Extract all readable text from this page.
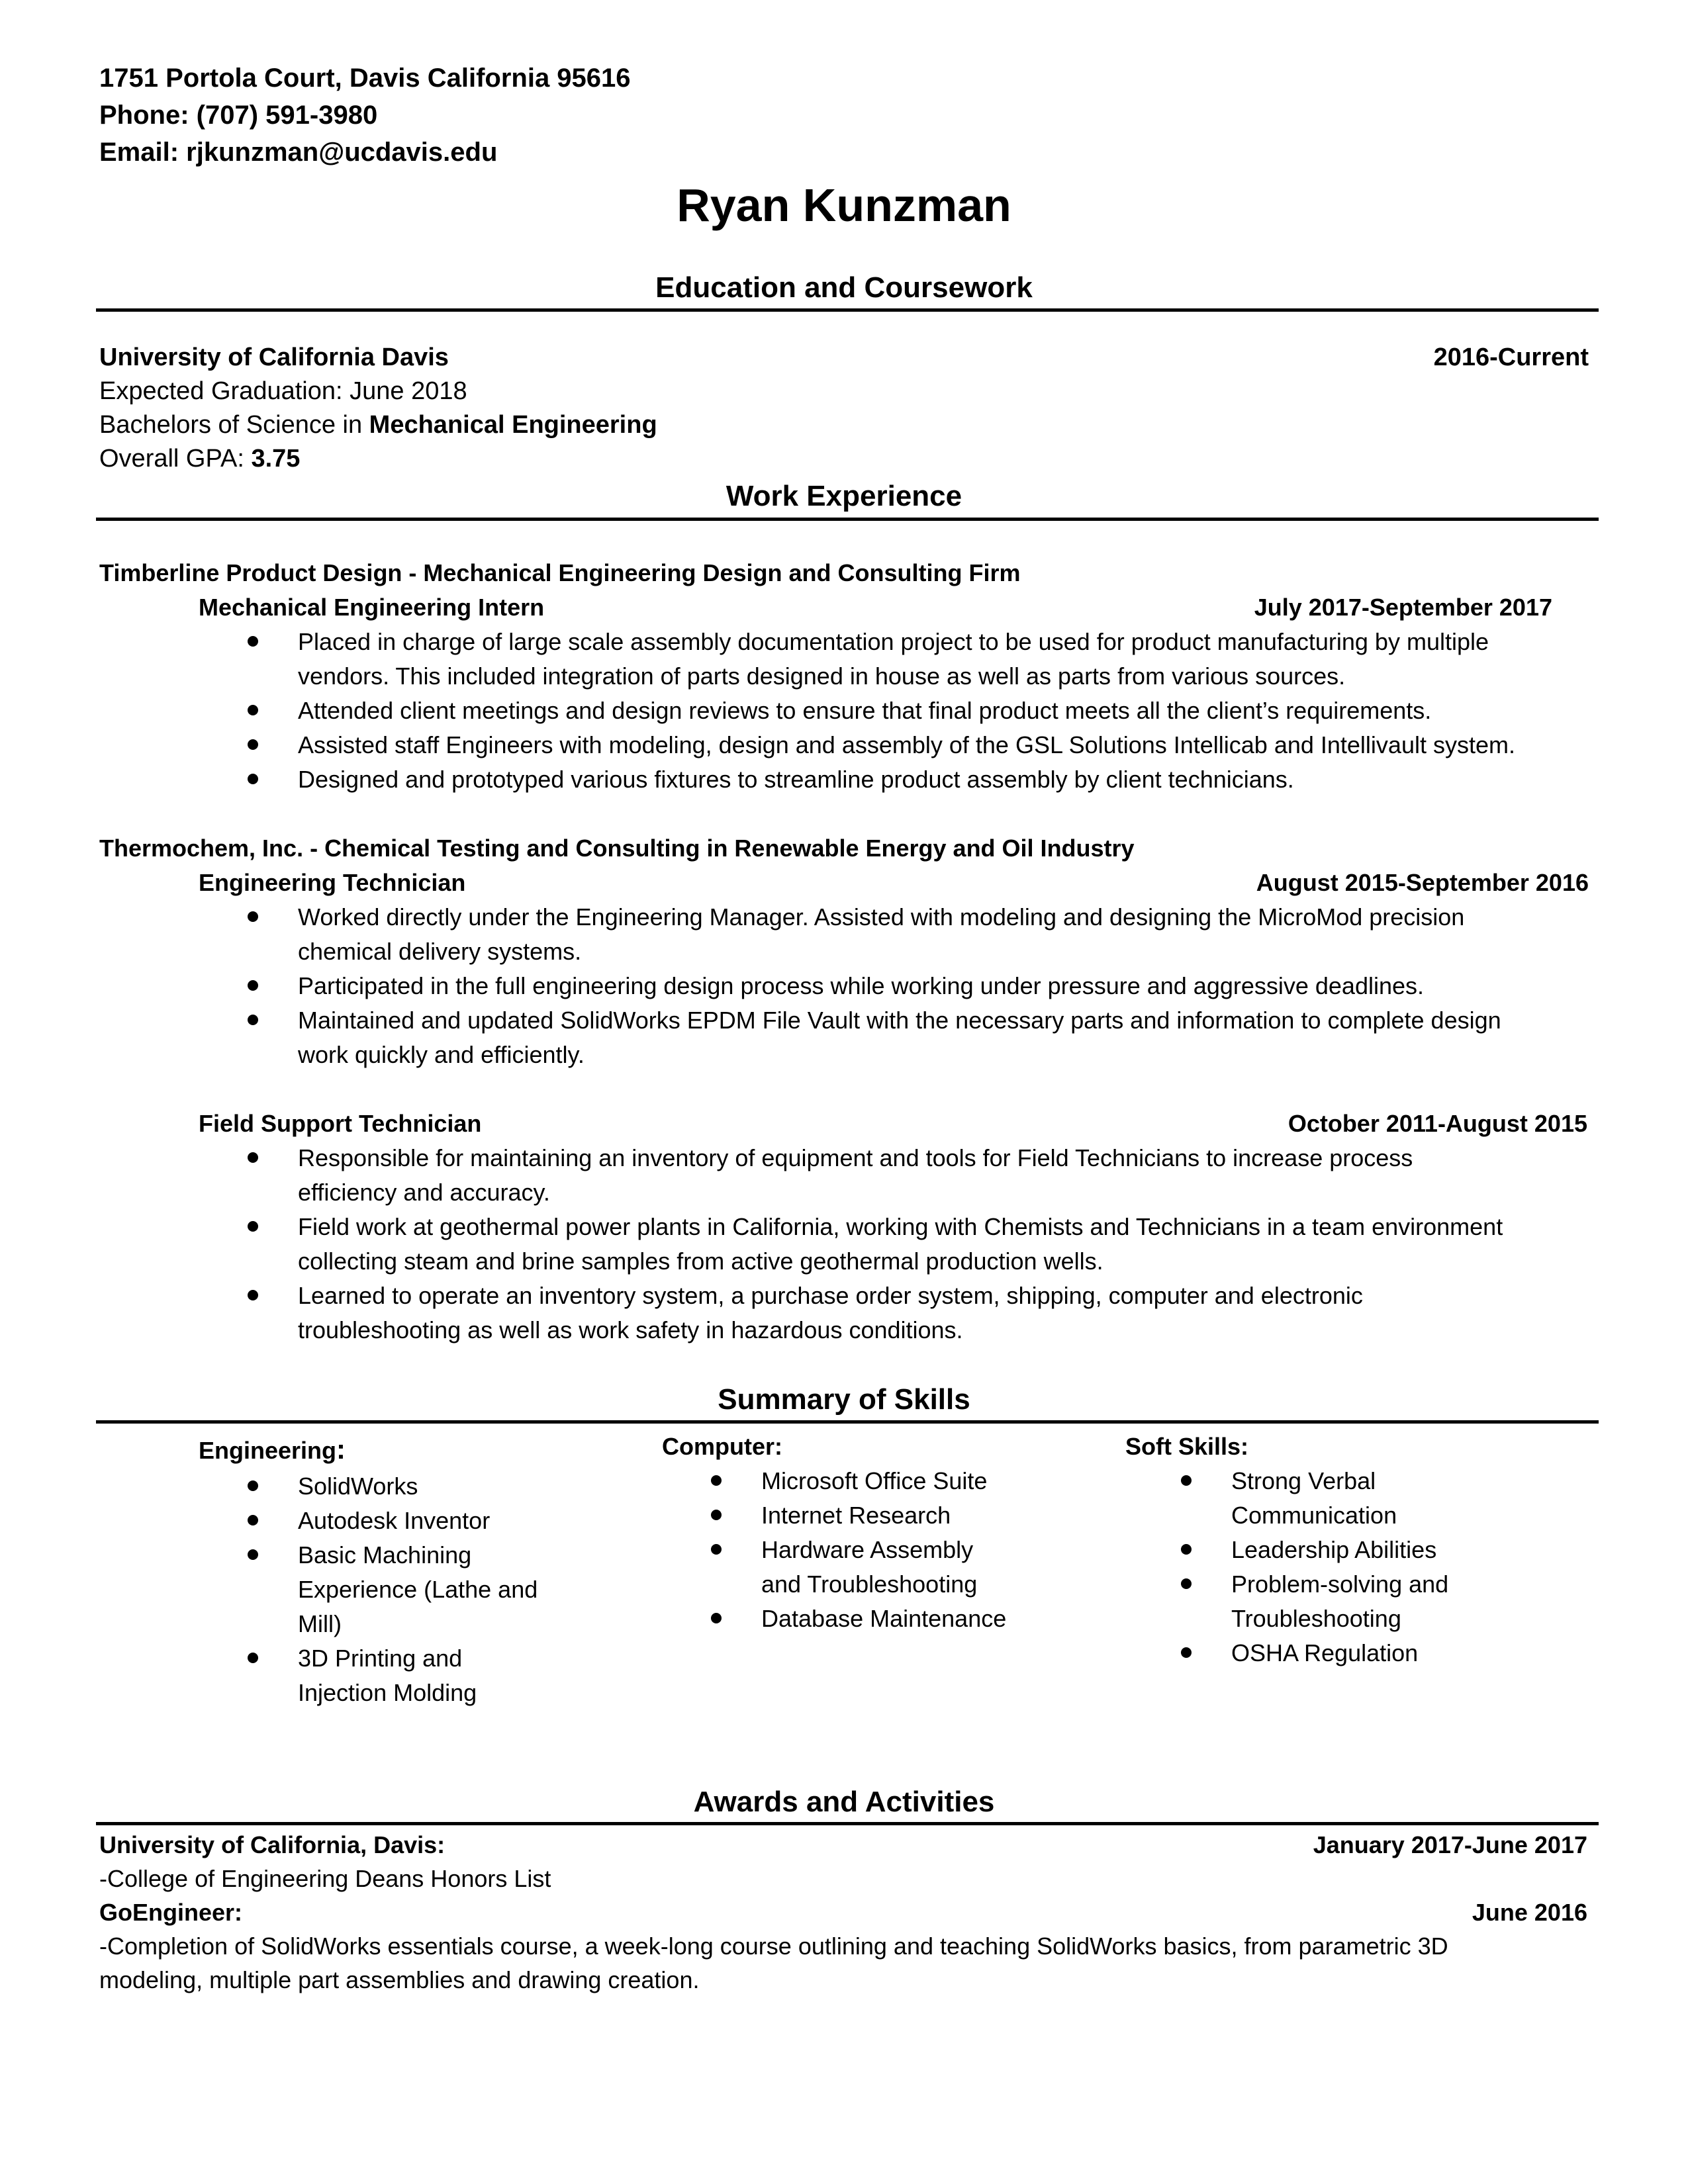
1751 Portola Court, Davis California 95616
Phone: (707) 591-3980
Email: rjkunzman@ucdavis.edu
Ryan Kunzman
Education and Coursework
University of California Davis	2016-Current
Expected Graduation: June 2018
Bachelors of Science in Mechanical Engineering
Overall GPA: 3.75
Work Experience
Timberline Product Design - Mechanical Engineering Design and Consulting Firm
Mechanical Engineering Intern	July 2017-September 2017
Placed in charge of large scale assembly documentation project to be used for product manufacturing by multiple
vendors. This included integration of parts designed in house as well as parts from various sources.
Attended client meetings and design reviews to ensure that final product meets all the client’s requirements.
Assisted staff Engineers with modeling, design and assembly of the GSL Solutions Intellicab and Intellivault system.
Designed and prototyped various fixtures to streamline product assembly by client technicians.
Thermochem, Inc. - Chemical Testing and Consulting in Renewable Energy and Oil Industry
Engineering Technician	August 2015-September 2016
Worked directly under the Engineering Manager. Assisted with modeling and designing the MicroMod precision
chemical delivery systems.
Participated in the full engineering design process while working under pressure and aggressive deadlines.
Maintained and updated SolidWorks EPDM File Vault with the necessary parts and information to complete design
work quickly and efficiently.
Field Support Technician	October 2011-August 2015
Responsible for maintaining an inventory of equipment and tools for Field Technicians to increase process
efficiency and accuracy.
Field work at geothermal power plants in California, working with Chemists and Technicians in a team environment
collecting steam and brine samples from active geothermal production wells.
Learned to operate an inventory system, a purchase order system, shipping, computer and electronic
troubleshooting as well as work safety in hazardous conditions.
Summary of Skills
Engineering:
SolidWorks
Autodesk Inventor
Basic Machining
Experience (Lathe and
Mill)
3D Printing and
Injection Molding
Computer:
Microsoft Office Suite
Internet Research
Hardware Assembly
and Troubleshooting
Database Maintenance
Soft Skills:
Strong Verbal
Communication
Leadership Abilities
Problem-solving and
Troubleshooting
OSHA Regulation
Awards and Activities
University of California, Davis:	January 2017-June 2017
-College of Engineering Deans Honors List
GoEngineer:	June 2016
-Completion of SolidWorks essentials course, a week-long course outlining and teaching SolidWorks basics, from parametric 3D
modeling, multiple part assemblies and drawing creation.
